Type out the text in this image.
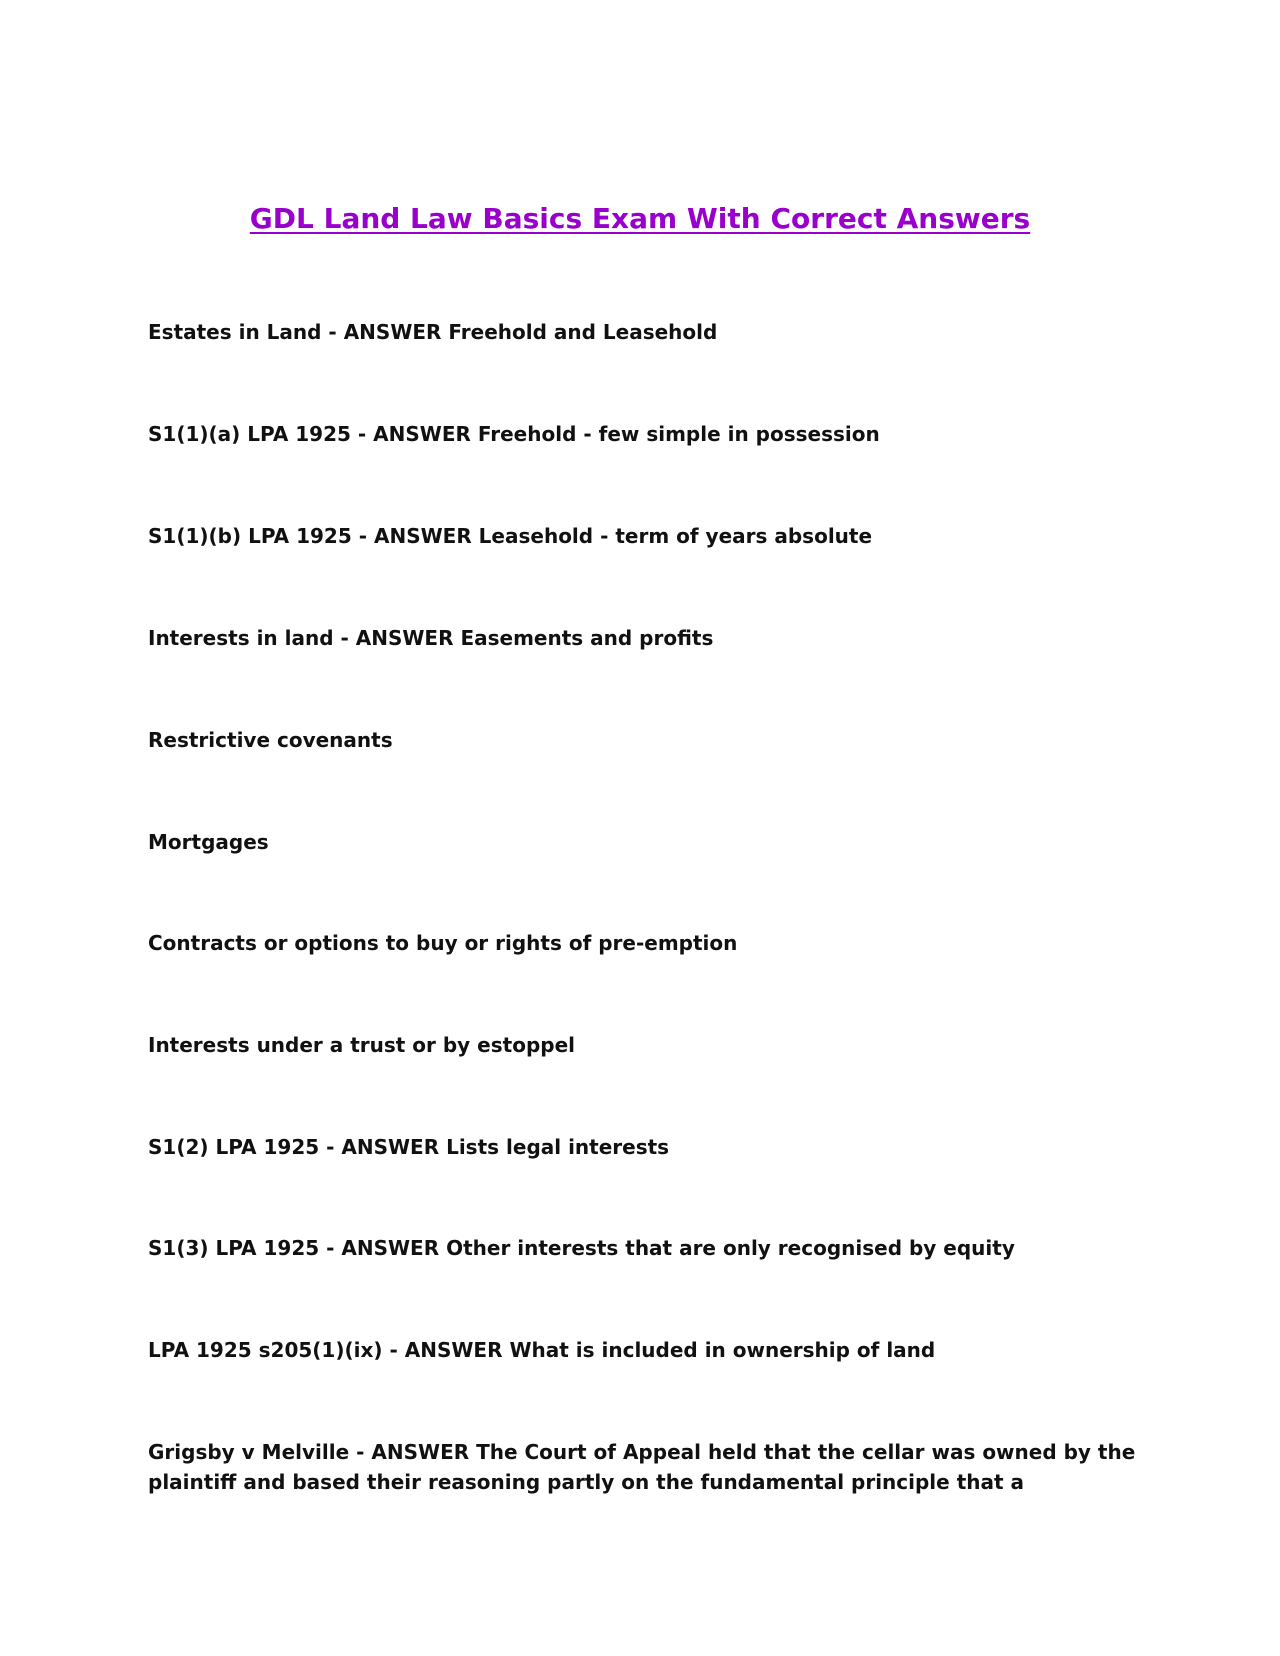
GDL Land Law Basics Exam With Correct Answers

Estates in Land - ANSWER Freehold and Leasehold

S1(1)(a) LPA 1925 - ANSWER Freehold - few simple in possession

S1(1)(b) LPA 1925 - ANSWER Leasehold - term of years absolute

Interests in land - ANSWER Easements and profits

Restrictive covenants

Mortgages

Contracts or options to buy or rights of pre-emption

Interests under a trust or by estoppel

S1(2) LPA 1925 - ANSWER Lists legal interests

S1(3) LPA 1925 - ANSWER Other interests that are only recognised by equity

LPA 1925 s205(1)(ix) - ANSWER What is included in ownership of land

Grigsby v Melville - ANSWER The Court of Appeal held that the cellar was owned by the
plaintiff and based their reasoning partly on the fundamental principle that a
